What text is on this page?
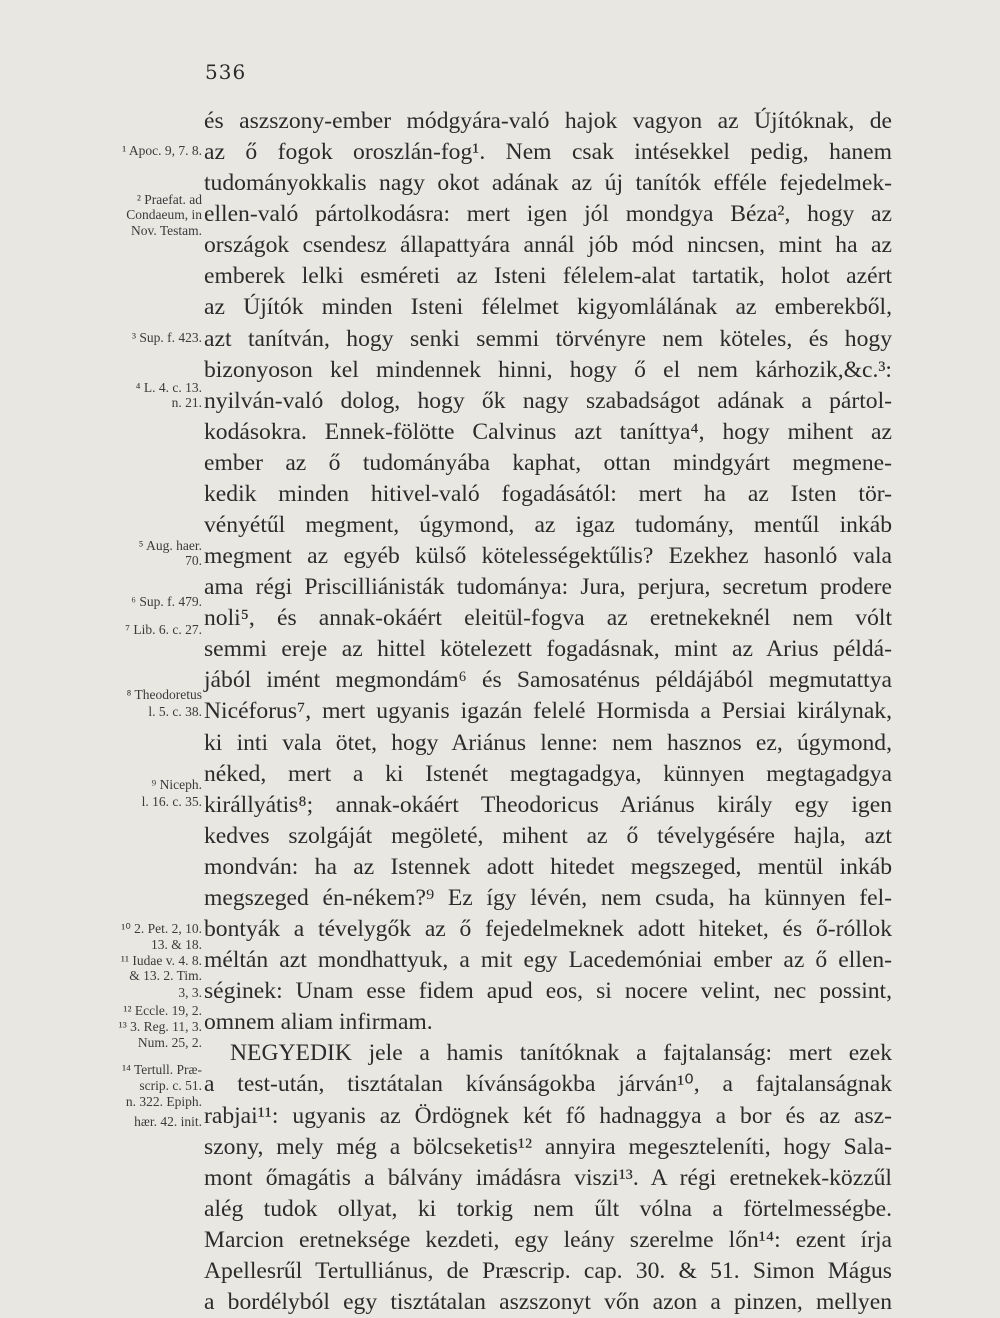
536
és aszszony-ember módgyára-való hajok vagyon az Újítóknak, de
az ő fogok oroszlán-fog¹. Nem csak intésekkel pedig, hanem
tudományokkalis nagy okot adának az új tanítók efféle fejedelmek-
ellen-való pártolkodásra: mert igen jól mondgya Béza², hogy az
országok csendesz állapattyára annál jób mód nincsen, mint ha az
emberek lelki esméreti az Isteni félelem-alat tartatik, holot azért
az Újítók minden Isteni félelmet kigyomlálának az emberekből,
azt tanítván, hogy senki semmi törvényre nem köteles, és hogy
bizonyoson kel mindennek hinni, hogy ő el nem kárhozik,&c.³:
nyilván-való dolog, hogy ők nagy szabadságot adának a pártol-
kodásokra. Ennek-fölötte Calvinus azt taníttya⁴, hogy mihent az
ember az ő tudományába kaphat, ottan mindgyárt megmene-
kedik minden hitivel-való fogadásától: mert ha az Isten tör-
vényétűl megment, úgymond, az igaz tudomány, mentűl inkáb
megment az egyéb külső kötelességektűlis? Ezekhez hasonló vala
ama régi Priscilliánisták tudománya: Jura, perjura, secretum prodere
noli⁵, és annak-okáért eleitül-fogva az eretnekeknél nem vólt
semmi ereje az hittel kötelezett fogadásnak, mint az Arius példá-
jából imént megmondám⁶ és Samosaténus példájából megmutattya
Nicéforus⁷, mert ugyanis igazán felelé Hormisda a Persiai királynak,
ki inti vala ötet, hogy Ariánus lenne: nem hasznos ez, úgymond,
néked, mert a ki Istenét megtagadgya, künnyen megtagadgya
királlyátis⁸; annak-okáért Theodoricus Ariánus király egy igen
kedves szolgáját megöleté, mihent az ő tévelygésére hajla, azt
mondván: ha az Istennek adott hitedet megszeged, mentül inkáb
megszeged én-nékem?⁹ Ez így lévén, nem csuda, ha künnyen fel-
bontyák a tévelygők az ő fejedelmeknek adott hiteket, és ő-róllok
méltán azt mondhattyuk, a mit egy Lacedemóniai ember az ő ellen-
séginek: Unam esse fidem apud eos, si nocere velint, nec possint,
omnem aliam infirmam.
NEGYEDIK jele a hamis tanítóknak a fajtalanság: mert ezek
a test-után, tisztátalan kívánságokba járván¹⁰, a fajtalanságnak
rabjai¹¹: ugyanis az Ördögnek két fő hadnaggya a bor és az asz-
szony, mely még a bölcseketis¹² annyira megeszteleníti, hogy Sala-
mont őmagátis a bálvány imádásra viszi¹³. A régi eretnekek-közzűl
alég tudok ollyat, ki torkig nem űlt vólna a förtelmességbe.
Marcion eretneksége kezdeti, egy leány szerelme lőn¹⁴: ezent írja
Apellesrűl Tertulliánus, de Præscrip. cap. 30. & 51. Simon Mágus
a bordélyból egy tisztátalan aszszonyt vőn azon a pinzen, mellyen
¹ Apoc. 9, 7. 8.
² Praefat. ad
Condaeum, in
Nov. Testam.
³ Sup. f. 423.
⁴ L. 4. c. 13.
n. 21.
⁵ Aug. haer.
70.
⁶ Sup. f. 479.
⁷ Lib. 6. c. 27.
⁸ Theodoretus
l. 5. c. 38.
⁹ Niceph.
l. 16. c. 35.
¹⁰ 2. Pet. 2, 10.
13. & 18.
¹¹ Iudae v. 4. 8.
& 13. 2. Tim.
3, 3.
¹² Eccle. 19, 2.
¹³ 3. Reg. 11, 3.
Num. 25, 2.
¹⁴ Tertull. Præ-
scrip. c. 51.
n. 322. Epiph.
hær. 42. init.
